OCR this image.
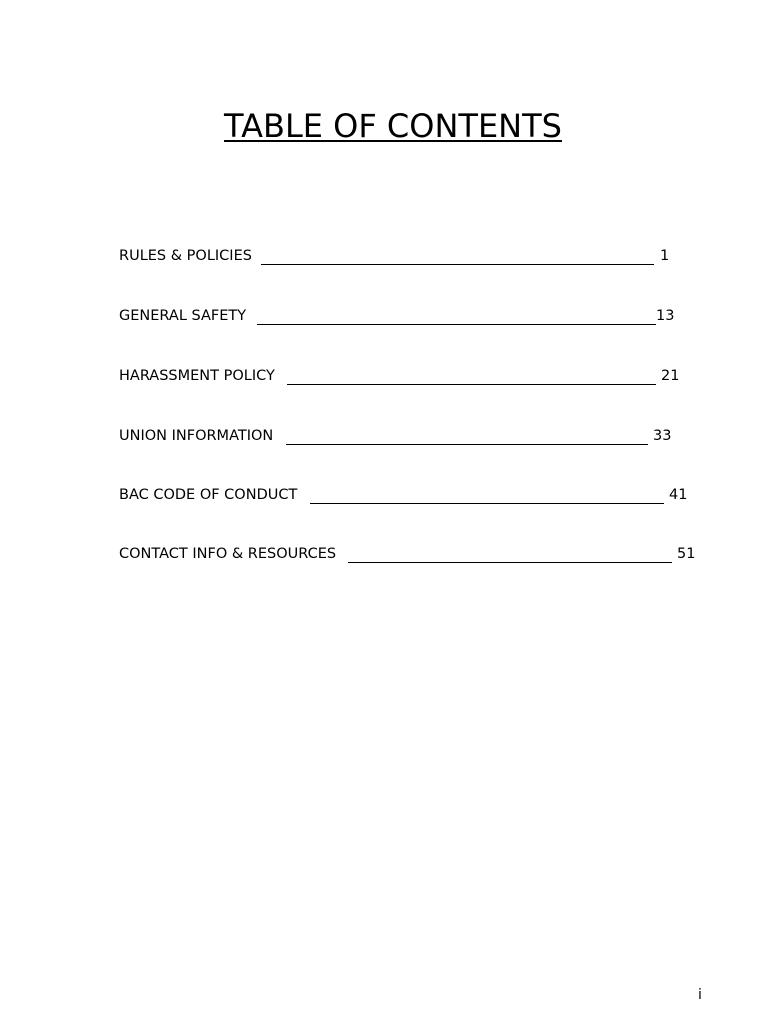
TABLE OF CONTENTS
RULES & POLICIES	1
GENERAL SAFETY	13
HARASSMENT POLICY	21
UNION INFORMATION	33
BAC CODE OF CONDUCT	41
CONTACT INFO & RESOURCES	51
i
